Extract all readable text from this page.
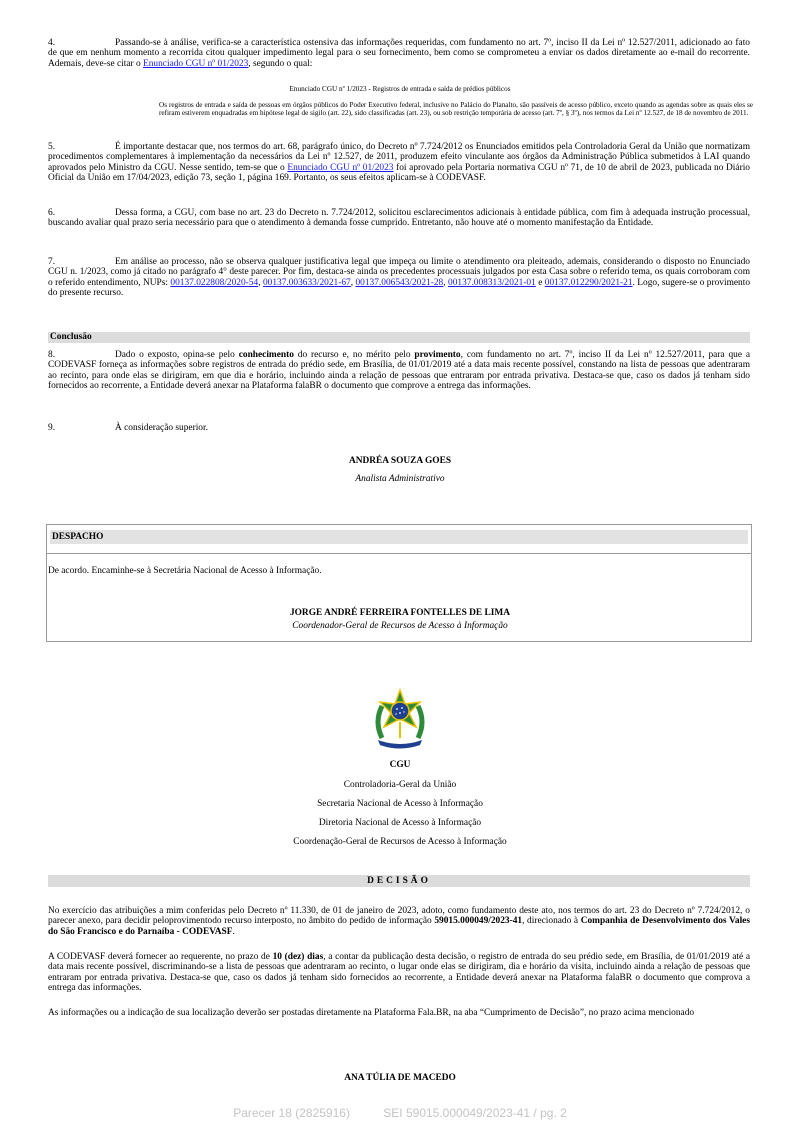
4.	Passando-se à análise, verifica-se a característica ostensiva das informações requeridas, com fundamento no art. 7º, inciso II da Lei nº 12.527/2011, adicionado ao fato de que em nenhum momento a recorrida citou qualquer impedimento legal para o seu fornecimento, bem como se comprometeu a enviar os dados diretamente ao e-mail do recorrente. Ademais, deve-se citar o Enunciado CGU nº 01/2023, segundo o qual:

Enunciado CGU nº 1/2023 - Registros de entrada e saída de prédios públicos

Os registros de entrada e saída de pessoas em órgãos públicos do Poder Executivo federal, inclusive no Palácio do Planalto, são passíveis de acesso público, exceto quando as agendas sobre as quais eles se refiram estiverem enquadradas em hipótese legal de sigilo (art. 22), sido classificadas (art. 23), ou sob restrição temporária de acesso (art. 7º, § 3º), nos termos da Lei nº 12.527, de 18 de novembro de 2011.

5.	É importante destacar que, nos termos do art. 68, parágrafo único, do Decreto nº 7.724/2012 os Enunciados emitidos pela Controladoria Geral da União que normatizam procedimentos complementares à implementação da necessários da Lei nº 12.527, de 2011, produzem efeito vinculante aos órgãos da Administração Pública submetidos à LAI quando aprovados pelo Ministro da CGU. Nesse sentido, tem-se que o Enunciado CGU nº 01/2023 foi aprovado pela Portaria normativa CGU nº 71, de 10 de abril de 2023, publicada no Diário Oficial da União em 17/04/2023, edição 73, seção 1, página 169. Portanto, os seus efeitos aplicam-se à CODEVASF.

6.	Dessa forma, a CGU, com base no art. 23 do Decreto n. 7.724/2012, solicitou esclarecimentos adicionais à entidade pública, com fim à adequada instrução processual, buscando avaliar qual prazo seria necessário para que o atendimento à demanda fosse cumprido. Entretanto, não houve até o momento manifestação da Entidade.

7.	Em análise ao processo, não se observa qualquer justificativa legal que impeça ou limite o atendimento ora pleiteado, ademais, considerando o disposto no Enunciado CGU n. 1/2023, como já citado no parágrafo 4° deste parecer. Por fim, destaca-se ainda os precedentes processuais julgados por esta Casa sobre o referido tema, os quais corroboram com o referido entendimento, NUPs: 00137.022808/2020-54, 00137.003633/2021-67, 00137.006543/2021-28, 00137.008313/2021-01 e 00137.012290/2021-21. Logo, sugere-se o provimento do presente recurso.

Conclusão

8.	Dado o exposto, opina-se pelo conhecimento do recurso e, no mérito pelo provimento, com fundamento no art. 7º, inciso II da Lei nº 12.527/2011, para que a CODEVASF forneça as informações sobre registros de entrada do prédio sede, em Brasília, de 01/01/2019 até a data mais recente possível, constando na lista de pessoas que adentraram ao recinto, para onde elas se dirigiram, em que dia e horário, incluindo ainda a relação de pessoas que entraram por entrada privativa. Destaca-se que, caso os dados já tenham sido fornecidos ao recorrente, a Entidade deverá anexar na Plataforma falaBR o documento que comprove a entrega das informações.

9.	À consideração superior.

ANDRÉA SOUZA GOES
Analista Administrativo
DESPACHO
De acordo. Encaminhe-se à Secretária Nacional de Acesso à Informação.
JORGE ANDRÉ FERREIRA FONTELLES DE LIMA
Coordenador-Geral de Recursos de Acesso à Informação
CGU
Controladoria-Geral da União
Secretaria Nacional de Acesso à Informação
Diretoria Nacional de Acesso à Informação
Coordenação-Geral de Recursos de Acesso à Informação
DECISÃO

No exercício das atribuições a mim conferidas pelo Decreto nº 11.330, de 01 de janeiro de 2023, adoto, como fundamento deste ato, nos termos do art. 23 do Decreto nº 7.724/2012, o parecer anexo, para decidir peloprovimentodo recurso interposto, no âmbito do pedido de informação 59015.000049/2023-41, direcionado à Companhia de Desenvolvimento dos Vales do São Francisco e do Parnaíba - CODEVASF.

A CODEVASF deverá fornecer ao requerente, no prazo de 10 (dez) dias, a contar da publicação desta decisão, o registro de entrada do seu prédio sede, em Brasília, de 01/01/2019 até a data mais recente possível, discriminando-se a lista de pessoas que adentraram ao recinto, o lugar onde elas se dirigiram, dia e horário da visita, incluindo ainda a relação de pessoas que entraram por entrada privativa. Destaca-se que, caso os dados já tenham sido fornecidos ao recorrente, a Entidade deverá anexar na Plataforma falaBR o documento que comprova a entrega das informações.

As informações ou a indicação de sua localização deverão ser postadas diretamente na Plataforma Fala.BR, na aba “Cumprimento de Decisão”, no prazo acima mencionado

ANA TÚLIA DE MACEDO
Parecer 18 (2825916)	SEI 59015.000049/2023-41 / pg. 2
